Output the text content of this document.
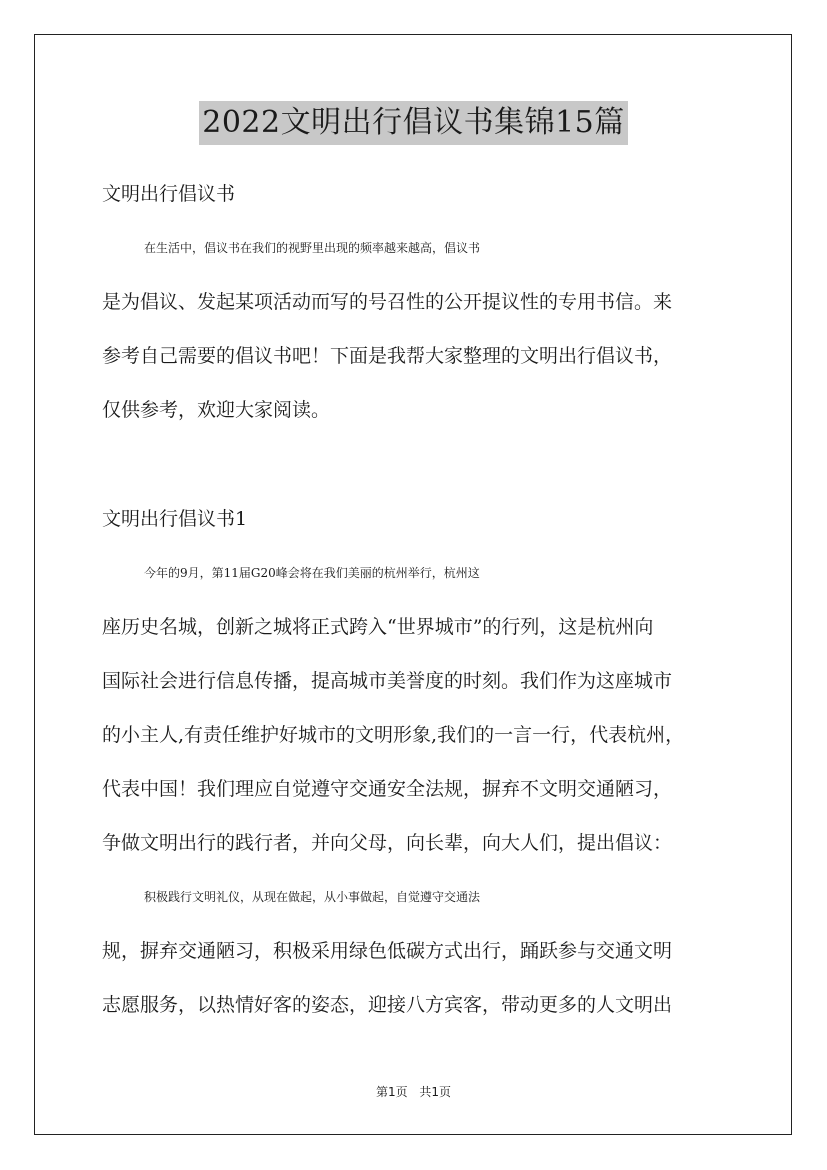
2022文明出行倡议书集锦15篇

文明出行倡议书

在生活中，倡议书在我们的视野里出现的频率越来越高，倡议书

是为倡议、发起某项活动而写的号召性的公开提议性的专用书信。来

参考自己需要的倡议书吧！下面是我帮大家整理的文明出行倡议书，

仅供参考，欢迎大家阅读。

文明出行倡议书1

今年的9月，第11届G20峰会将在我们美丽的杭州举行，杭州这

座历史名城，创新之城将正式跨入“世界城市”的行列，这是杭州向

国际社会进行信息传播，提高城市美誉度的时刻。我们作为这座城市

的小主人,有责任维护好城市的文明形象,我们的一言一行，代表杭州，

代表中国！我们理应自觉遵守交通安全法规，摒弃不文明交通陋习，

争做文明出行的践行者，并向父母，向长辈，向大人们，提出倡议：

积极践行文明礼仪，从现在做起，从小事做起，自觉遵守交通法

规，摒弃交通陋习，积极采用绿色低碳方式出行，踊跃参与交通文明

志愿服务，以热情好客的姿态，迎接八方宾客，带动更多的人文明出

第1页 共1页
